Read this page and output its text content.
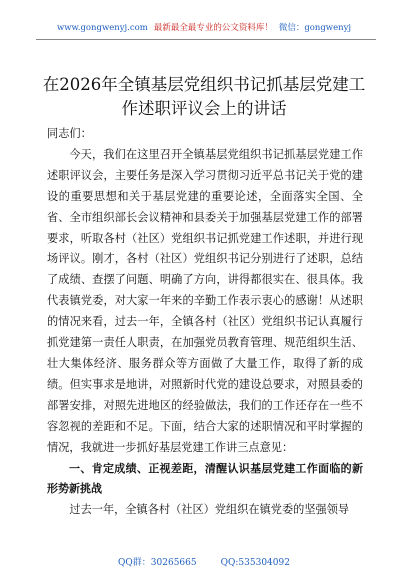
www.gongwenyj.com 最新最全最专业的公文资料库！ 微信：gongwenyj
在2026年全镇基层党组织书记抓基层党建工
作述职评议会上的讲话

同志们：

今天，我们在这里召开全镇基层党组织书记抓基层党建工作述职评议会，主要任务是深入学习贯彻习近平总书记关于党的建设的重要思想和关于基层党建的重要论述，全面落实全国、全省、全市组织部长会议精神和县委关于加强基层党建工作的部署要求，听取各村（社区）党组织书记抓党建工作述职，并进行现场评议。刚才，各村（社区）党组织书记分别进行了述职，总结了成绩、查摆了问题、明确了方向，讲得都很实在、很具体。我代表镇党委，对大家一年来的辛勤工作表示衷心的感谢！从述职的情况来看，过去一年，全镇各村（社区）党组织书记认真履行抓党建第一责任人职责，在加强党员教育管理、规范组织生活、壮大集体经济、服务群众等方面做了大量工作，取得了新的成绩。但实事求是地讲，对照新时代党的建设总要求，对照县委的部署安排，对照先进地区的经验做法，我们的工作还存在一些不容忽视的差距和不足。下面，结合大家的述职情况和平时掌握的情况，我就进一步抓好基层党建工作讲三点意见：

一、肯定成绩、正视差距，清醒认识基层党建工作面临的新形势新挑战

过去一年，全镇各村（社区）党组织在镇党委的坚强领导

QQ群：30265665	QQ:535304092
